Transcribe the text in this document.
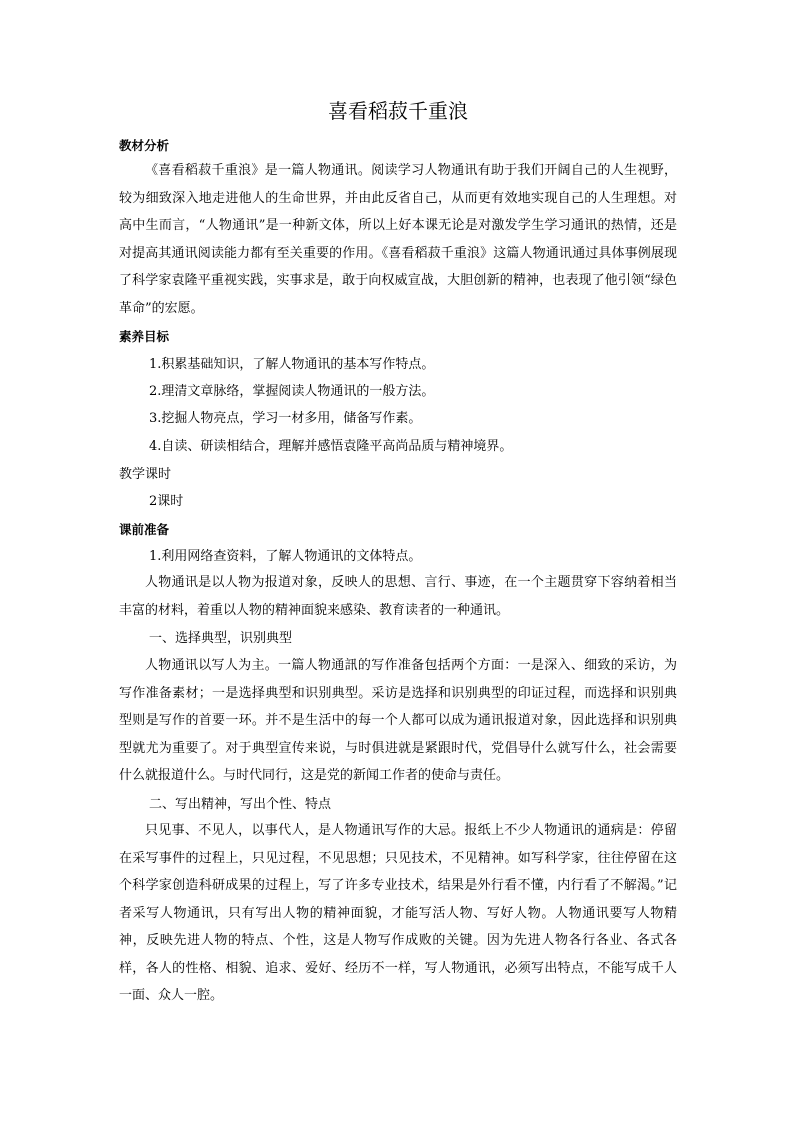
喜看稻菽千重浪
教材分析

《喜看稻菽千重浪》是一篇人物通讯。阅读学习人物通讯有助于我们开阔自己的人生视野，较为细致深入地走进他人的生命世界，并由此反省自己，从而更有效地实现自己的人生理想。对高中生而言，“人物通讯”是一种新文体，所以上好本课无论是对激发学生学习通讯的热情，还是对提高其通讯阅读能力都有至关重要的作用。《喜看稻菽千重浪》这篇人物通讯通过具体事例展现了科学家袁隆平重视实践，实事求是，敢于向权威宣战，大胆创新的精神，也表现了他引领“绿色革命”的宏愿。

素养目标
1.积累基础知识，了解人物通讯的基本写作特点。
2.理清文章脉络，掌握阅读人物通讯的一般方法。
3.挖掘人物亮点，学习一材多用，储备写作素。
4.自读、研读相结合，理解并感悟袁隆平高尚品质与精神境界。
教学课时
2课时
课前准备
1.利用网络查资料，了解人物通讯的文体特点。

人物通讯是以人物为报道对象，反映人的思想、言行、事迹，在一个主题贯穿下容纳着相当丰富的材料，着重以人物的精神面貌来感染、教育读者的一种通讯。

一、选择典型，识别典型

人物通讯以写人为主。一篇人物通訊的写作准备包括两个方面：一是深入、细致的采访，为写作准备素材；一是选择典型和识别典型。采访是选择和识别典型的印证过程，而选择和识别典型则是写作的首要一环。并不是生活中的每一个人都可以成为通讯报道对象，因此选择和识别典型就尤为重要了。对于典型宣传来说，与时俱进就是紧跟时代，党倡导什么就写什么，社会需要什么就报道什么。与时代同行，这是党的新闻工作者的使命与责任。

二、写出精神，写出个性、特点

只见事、不见人，以事代人，是人物通讯写作的大忌。报纸上不少人物通讯的通病是：停留在采写事件的过程上，只见过程，不见思想；只见技术，不见精神。如写科学家，往往停留在这个科学家创造科研成果的过程上，写了许多专业技术，结果是外行看不懂，内行看了不解渴。”记者采写人物通讯，只有写出人物的精神面貌，才能写活人物、写好人物。人物通讯要写人物精神，反映先进人物的特点、个性，这是人物写作成败的关键。因为先进人物各行各业、各式各样，各人的性格、相貌、追求、爱好、经历不一样，写人物通讯，必须写出特点，不能写成千人一面、众人一腔。
